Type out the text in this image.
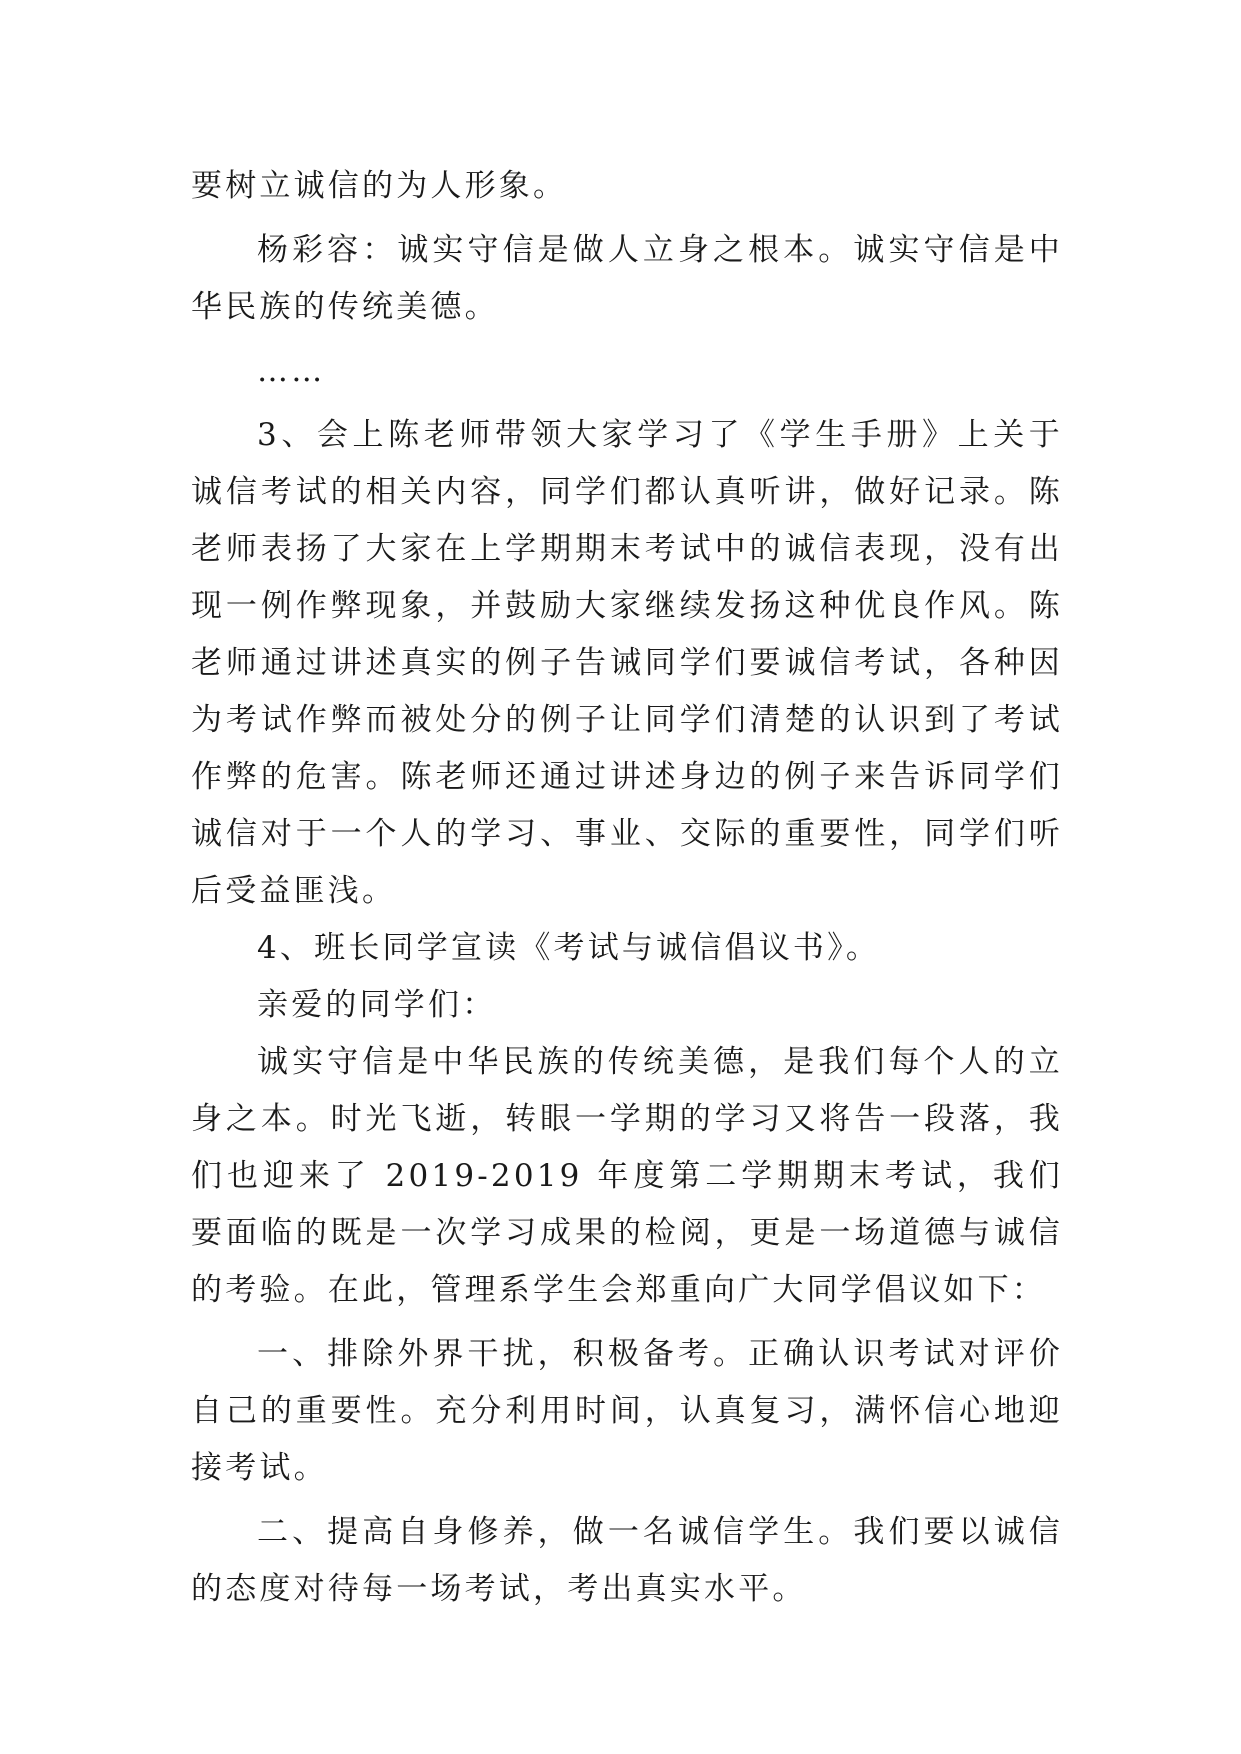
要树立诚信的为人形象。

杨彩容：诚实守信是做人立身之根本。诚实守信是中华民族的传统美德。

……

3、会上陈老师带领大家学习了《学生手册》上关于诚信考试的相关内容，同学们都认真听讲，做好记录。陈老师表扬了大家在上学期期末考试中的诚信表现，没有出现一例作弊现象，并鼓励大家继续发扬这种优良作风。陈老师通过讲述真实的例子告诫同学们要诚信考试，各种因为考试作弊而被处分的例子让同学们清楚的认识到了考试作弊的危害。陈老师还通过讲述身边的例子来告诉同学们诚信对于一个人的学习、事业、交际的重要性，同学们听后受益匪浅。

4、班长同学宣读《考试与诚信倡议书》。

亲爱的同学们：

诚实守信是中华民族的传统美德，是我们每个人的立身之本。时光飞逝，转眼一学期的学习又将告一段落，我们也迎来了 2019-2019 年度第二学期期末考试，我们要面临的既是一次学习成果的检阅，更是一场道德与诚信的考验。在此，管理系学生会郑重向广大同学倡议如下：

一、排除外界干扰，积极备考。正确认识考试对评价自己的重要性。充分利用时间，认真复习，满怀信心地迎接考试。

二、提高自身修养，做一名诚信学生。我们要以诚信的态度对待每一场考试，考出真实水平。
